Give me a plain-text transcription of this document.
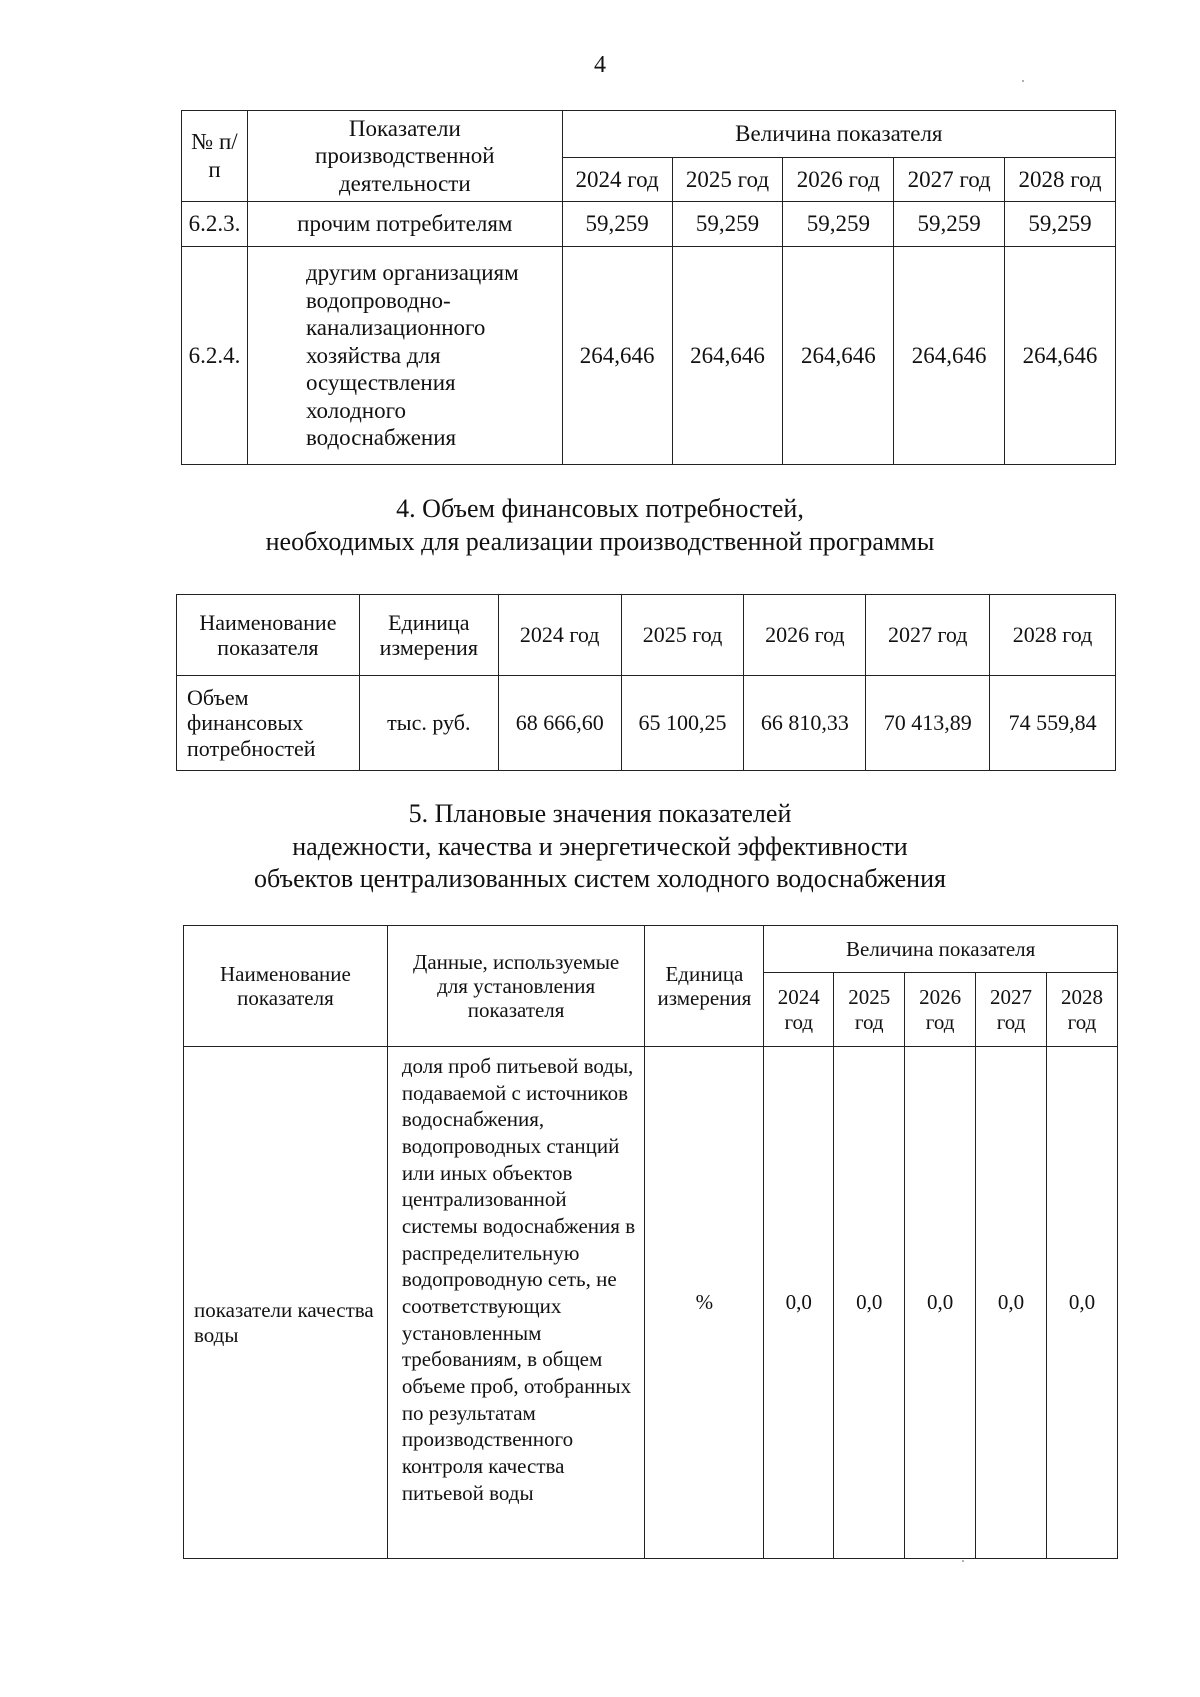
4
№ п/п	Показатели производственной деятельности	Величина показателя				
		2024 год	2025 год	2026 год	2027 год	2028 год
6.2.3.	прочим потребителям	59,259	59,259	59,259	59,259	59,259
6.2.4.	другим организациям водопроводно-канализационного хозяйства для осуществления холодного водоснабжения	264,646	264,646	264,646	264,646	264,646
4. Объем финансовых потребностей,
необходимых для реализации производственной программы
Наименование показателя	Единица измерения	2024 год	2025 год	2026 год	2027 год	2028 год
Объем финансовых потребностей	тыс. руб.	68 666,60	65 100,25	66 810,33	70 413,89	74 559,84
5. Плановые значения показателей
надежности, качества и энергетической эффективности
объектов централизованных систем холодного водоснабжения
Наименование показателя	Данные, используемые для установления показателя	Единица измерения	Величина показателя				
			2024 год	2025 год	2026 год	2027 год	2028 год
показатели качества воды	доля проб питьевой воды, подаваемой с источников водоснабжения, водопроводных станций или иных объектов централизованной системы водоснабжения в распределительную водопроводную сеть, не соответствующих установленным требованиям, в общем объеме проб, отобранных по результатам производственного контроля качества питьевой воды	%	0,0	0,0	0,0	0,0	0,0
